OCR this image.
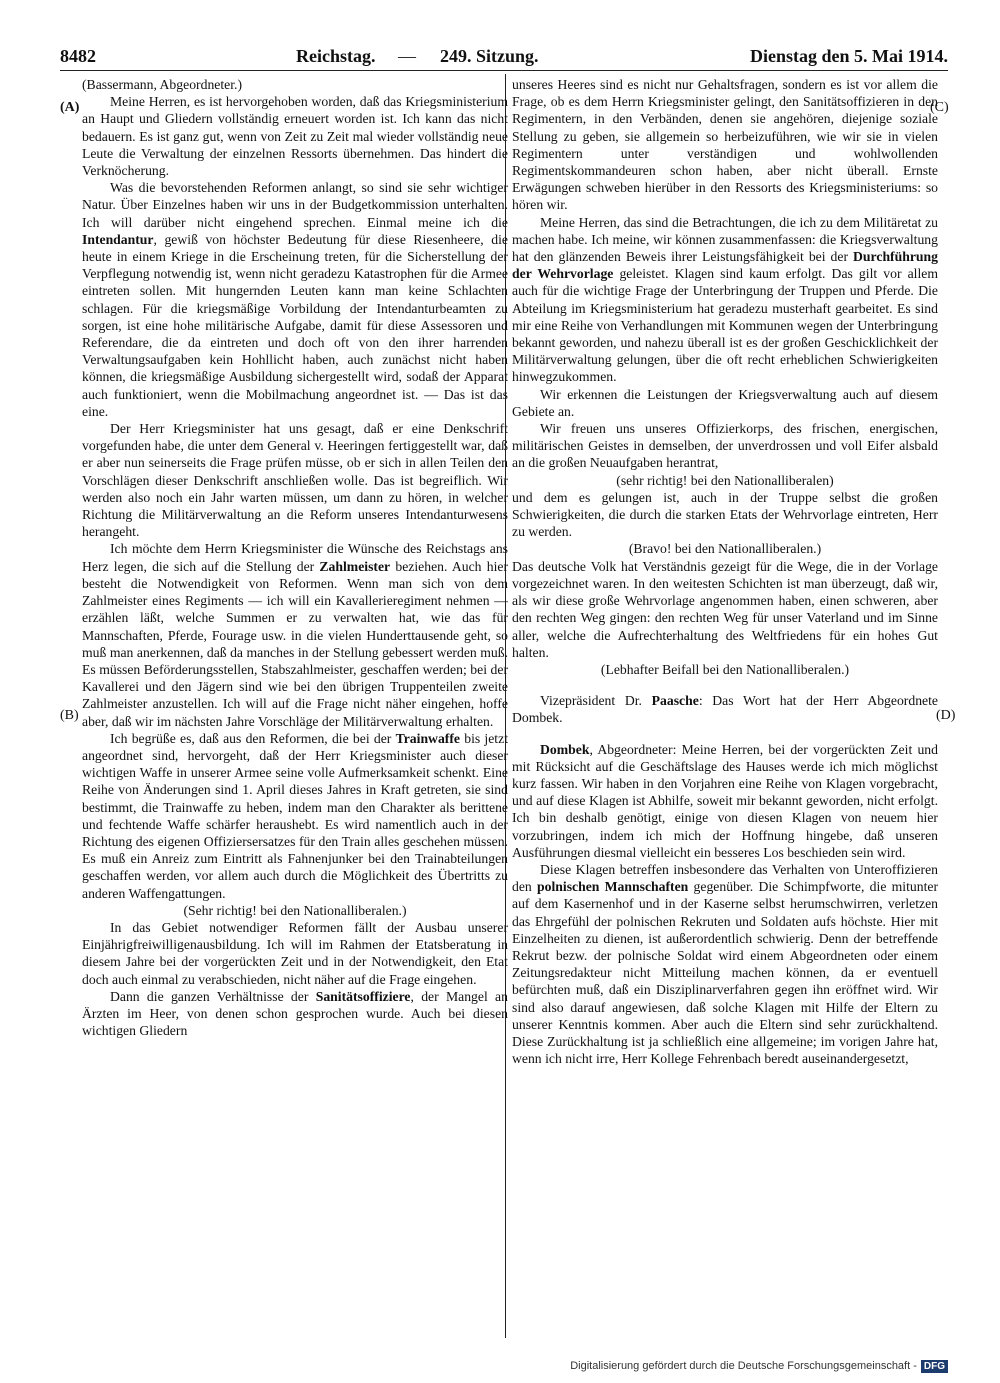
8482	Reichstag. — 249. Sitzung.	Dienstag den 5. Mai 1914.
(A)
(B)
(C)
(D)

(Bassermann, Abgeordneter.)

Meine Herren, es ist hervorgehoben worden, daß das Kriegsministerium an Haupt und Gliedern vollständig erneuert worden ist. Ich kann das nicht bedauern. Es ist ganz gut, wenn von Zeit zu Zeit mal wieder vollständig neue Leute die Verwaltung der einzelnen Ressorts übernehmen. Das hindert die Verknöcherung.

Was die bevorstehenden Reformen anlangt, so sind sie sehr wichtiger Natur. Über Einzelnes haben wir uns in der Budgetkommission unterhalten. Ich will darüber nicht eingehend sprechen. Einmal meine ich die Intendantur, gewiß von höchster Bedeutung für diese Riesenheere, die heute in einem Kriege in die Erscheinung treten, für die Sicherstellung der Verpflegung notwendig ist, wenn nicht geradezu Katastrophen für die Armee eintreten sollen. Mit hungernden Leuten kann man keine Schlachten schlagen. Für die kriegsmäßige Vorbildung der Intendanturbeamten zu sorgen, ist eine hohe militärische Aufgabe, damit für diese Assessoren und Referendare, die da eintreten und doch oft von den ihrer harrenden Verwaltungsaufgaben kein Hohllicht haben, auch zunächst nicht haben können, die kriegsmäßige Ausbildung sichergestellt wird, sodaß der Apparat auch funktioniert, wenn die Mobilmachung angeordnet ist. — Das ist das eine.

Der Herr Kriegsminister hat uns gesagt, daß er eine Denkschrift vorgefunden habe, die unter dem General v. Heeringen fertiggestellt war, daß er aber nun seinerseits die Frage prüfen müsse, ob er sich in allen Teilen den Vorschlägen dieser Denkschrift anschließen wolle. Das ist begreiflich. Wir werden also noch ein Jahr warten müssen, um dann zu hören, in welcher Richtung die Militärverwaltung an die Reform unseres Intendanturwesens herangeht.

Ich möchte dem Herrn Kriegsminister die Wünsche des Reichstags ans Herz legen, die sich auf die Stellung der Zahlmeister beziehen. Auch hier besteht die Notwendigkeit von Reformen. Wenn man sich von dem Zahlmeister eines Regiments — ich will ein Kavallerieregiment nehmen — erzählen läßt, welche Summen er zu verwalten hat, wie das für Mannschaften, Pferde, Fourage usw. in die vielen Hunderttausende geht, so muß man anerkennen, daß da manches in der Stellung gebessert werden muß. Es müssen Beförderungsstellen, Stabszahlmeister, geschaffen werden; bei der Kavallerei und den Jägern sind wie bei den übrigen Truppenteilen zweite Zahlmeister anzustellen. Ich will auf die Frage nicht näher eingehen, hoffe aber, daß wir im nächsten Jahre Vorschläge der Militärverwaltung erhalten.

Ich begrüße es, daß aus den Reformen, die bei der Trainwaffe bis jetzt angeordnet sind, hervorgeht, daß der Herr Kriegsminister auch dieser wichtigen Waffe in unserer Armee seine volle Aufmerksamkeit schenkt. Eine Reihe von Änderungen sind 1. April dieses Jahres in Kraft getreten, sie sind bestimmt, die Trainwaffe zu heben, indem man den Charakter als berittene und fechtende Waffe schärfer heraushebt. Es wird namentlich auch in der Richtung des eigenen Offiziersersatzes für den Train alles geschehen müssen. Es muß ein Anreiz zum Eintritt als Fahnenjunker bei den Trainabteilungen geschaffen werden, vor allem auch durch die Möglichkeit des Übertritts zu anderen Waffengattungen.

(Sehr richtig! bei den Nationalliberalen.)

In das Gebiet notwendiger Reformen fällt der Ausbau unserer Einjährigfreiwilligenausbildung. Ich will im Rahmen der Etatsberatung in diesem Jahre bei der vorgerückten Zeit und in der Notwendigkeit, den Etat doch auch einmal zu verabschieden, nicht näher auf die Frage eingehen.

Dann die ganzen Verhältnisse der Sanitätsoffiziere, der Mangel an Ärzten im Heer, von denen schon gesprochen wurde. Auch bei diesen wichtigen Gliedern

unseres Heeres sind es nicht nur Gehaltsfragen, sondern es ist vor allem die Frage, ob es dem Herrn Kriegsminister gelingt, den Sanitätsoffizieren in den Regimentern, in den Verbänden, denen sie angehören, diejenige soziale Stellung zu geben, sie allgemein so herbeizuführen, wie wir sie in vielen Regimentern unter verständigen und wohlwollenden Regimentskommandeuren schon haben, aber nicht überall. Ernste Erwägungen schweben hierüber in den Ressorts des Kriegsministeriums: so hören wir.

Meine Herren, das sind die Betrachtungen, die ich zu dem Militäretat zu machen habe. Ich meine, wir können zusammenfassen: die Kriegsverwaltung hat den glänzenden Beweis ihrer Leistungsfähigkeit bei der Durchführung der Wehrvorlage geleistet. Klagen sind kaum erfolgt. Das gilt vor allem auch für die wichtige Frage der Unterbringung der Truppen und Pferde. Die Abteilung im Kriegsministerium hat geradezu musterhaft gearbeitet. Es sind mir eine Reihe von Verhandlungen mit Kommunen wegen der Unterbringung bekannt geworden, und nahezu überall ist es der großen Geschicklichkeit der Militärverwaltung gelungen, über die oft recht erheblichen Schwierigkeiten hinwegzukommen.

Wir erkennen die Leistungen der Kriegsverwaltung auch auf diesem Gebiete an.

Wir freuen uns unseres Offizierkorps, des frischen, energischen, militärischen Geistes in demselben, der unverdrossen und voll Eifer alsbald an die großen Neuaufgaben herantrat,

(sehr richtig! bei den Nationalliberalen)

und dem es gelungen ist, auch in der Truppe selbst die großen Schwierigkeiten, die durch die starken Etats der Wehrvorlage eintreten, Herr zu werden.

(Bravo! bei den Nationalliberalen.)

Das deutsche Volk hat Verständnis gezeigt für die Wege, die in der Vorlage vorgezeichnet waren. In den weitesten Schichten ist man überzeugt, daß wir, als wir diese große Wehrvorlage angenommen haben, einen schweren, aber den rechten Weg gingen: den rechten Weg für unser Vaterland und im Sinne aller, welche die Aufrechterhaltung des Weltfriedens für ein hohes Gut halten.

(Lebhafter Beifall bei den Nationalliberalen.)

Vizepräsident Dr. Paasche: Das Wort hat der Herr Abgeordnete Dombek.

Dombek, Abgeordneter: Meine Herren, bei der vorgerückten Zeit und mit Rücksicht auf die Geschäftslage des Hauses werde ich mich möglichst kurz fassen. Wir haben in den Vorjahren eine Reihe von Klagen vorgebracht, und auf diese Klagen ist Abhilfe, soweit mir bekannt geworden, nicht erfolgt. Ich bin deshalb genötigt, einige von diesen Klagen von neuem hier vorzubringen, indem ich mich der Hoffnung hingebe, daß unseren Ausführungen diesmal vielleicht ein besseres Los beschieden sein wird.

Diese Klagen betreffen insbesondere das Verhalten von Unteroffizieren den polnischen Mannschaften gegenüber. Die Schimpfworte, die mitunter auf dem Kasernenhof und in der Kaserne selbst herumschwirren, verletzen das Ehrgefühl der polnischen Rekruten und Soldaten aufs höchste. Hier mit Einzelheiten zu dienen, ist außerordentlich schwierig. Denn der betreffende Rekrut bezw. der polnische Soldat wird einem Abgeordneten oder einem Zeitungsredakteur nicht Mitteilung machen können, da er eventuell befürchten muß, daß ein Disziplinarverfahren gegen ihn eröffnet wird. Wir sind also darauf angewiesen, daß solche Klagen mit Hilfe der Eltern zu unserer Kenntnis kommen. Aber auch die Eltern sind sehr zurückhaltend. Diese Zurückhaltung ist ja schließlich eine allgemeine; im vorigen Jahre hat, wenn ich nicht irre, Herr Kollege Fehrenbach beredt auseinandergesetzt,

Digitalisierung gefördert durch die Deutsche Forschungsgemeinschaft - DFG
